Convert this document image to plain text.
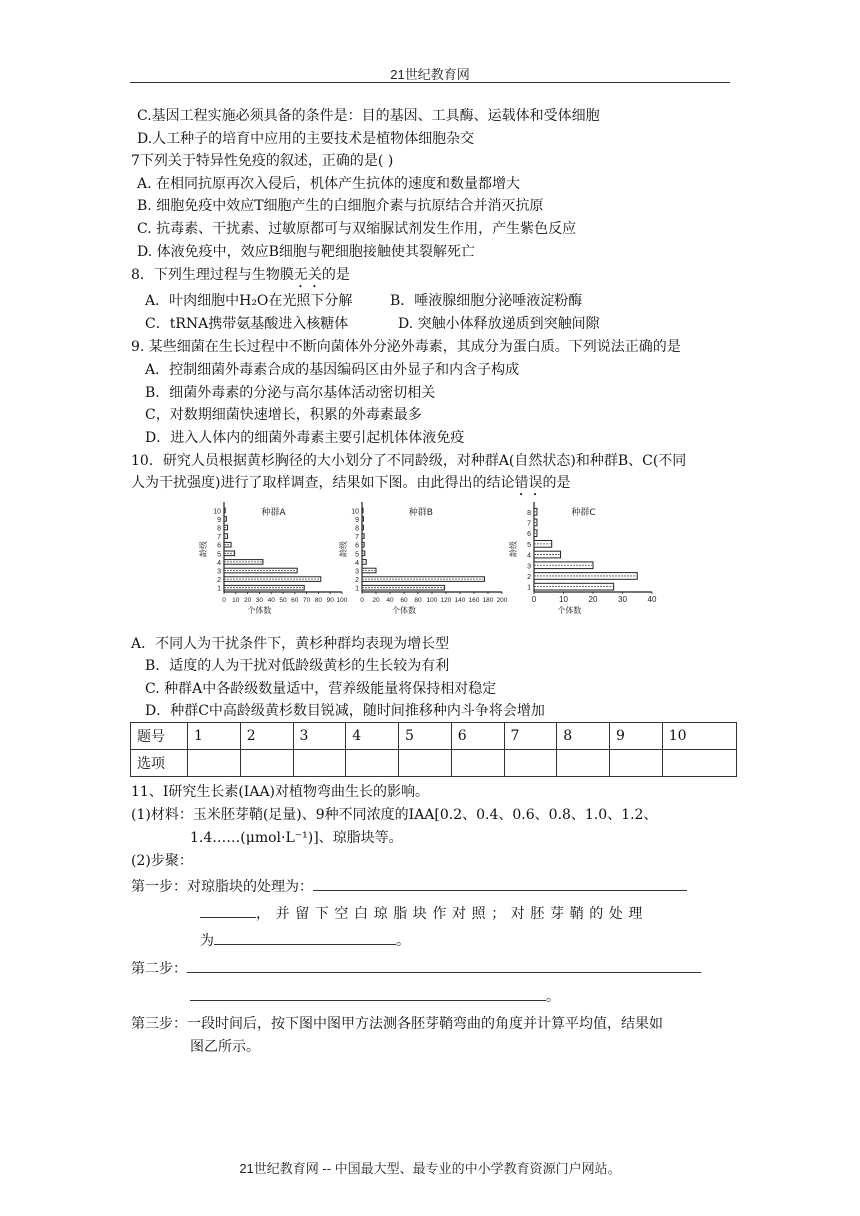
21世纪教育网
C.基因工程实施必须具备的条件是：目的基因、工具酶、运载体和受体细胞
D.人工种子的培育中应用的主要技术是植物体细胞杂交
7下列关于特异性免疫的叙述，正确的是( )
A. 在相同抗原再次入侵后，机体产生抗体的速度和数量都增大
B. 细胞免疫中效应T细胞产生的白细胞介素与抗原结合并消灭抗原
C. 抗毒素、干扰素、过敏原都可与双缩脲试剂发生作用，产生紫色反应
D. 体液免疫中，效应B细胞与靶细胞接触使其裂解死亡
8．下列生理过程与生物膜无关的是
A．叶肉细胞中H₂O在光照下分解	B．唾液腺细胞分泌唾液淀粉酶
C．tRNA携带氨基酸进入核糖体	D. 突触小体释放递质到突触间隙
9. 某些细菌在生长过程中不断向菌体外分泌外毒素，其成分为蛋白质。下列说法正确的是
A．控制细菌外毒素合成的基因编码区由外显子和内含子构成
B．细菌外毒素的分泌与高尔基体活动密切相关
C，对数期细菌快速增长，积累的外毒素最多
D．进入人体内的细菌外毒素主要引起机体体液免疫
10．研究人员根据黄杉胸径的大小划分了不同龄级，对种群A(自然状态)和种群B、C(不同
人为干扰强度)进行了取样调查，结果如下图。由此得出的结论错误的是
1
2
3
4
5
6
7
8
9
10
0 10 20 30 40 50 60 70 80 90 100
种群A
个体数
龄级
1
2
3
4
5
6
7
8
9
10
0 20 40 60 80 100 120 140 160 180 200
种群B
个体数
龄级
1
2
3
4
5
6
7
8
0	10	20	30	40
种群C
个体数
龄级
A．不同人为干扰条件下，黄杉种群均表现为增长型
B．适度的人为干扰对低龄级黄杉的生长较为有利
C. 种群A中各龄级数量适中，营养级能量将保持相对稳定
D．种群C中高龄级黄杉数目锐减，随时间推移种内斗争将会增加
题号	1	2	3	4	5	6	7	8	9	10
选项										
11、I研究生长素(IAA)对植物弯曲生长的影响。
(1)材料：玉米胚芽鞘(足量)、9种不同浓度的IAA[0.2、0.4、0.6、0.8、1.0、1.2、
1.4……(μmol·L⁻¹)]、琼脂块等。
(2)步聚：
第一步：对琼脂块的处理为：
，并留下空白琼脂块作对照；对胚芽鞘的处理
为	。
第二步：
。
第三步：一段时间后，按下图中图甲方法测各胚芽鞘弯曲的角度并计算平均值，结果如
图乙所示。
21世纪教育网 -- 中国最大型、最专业的中小学教育资源门户网站。
